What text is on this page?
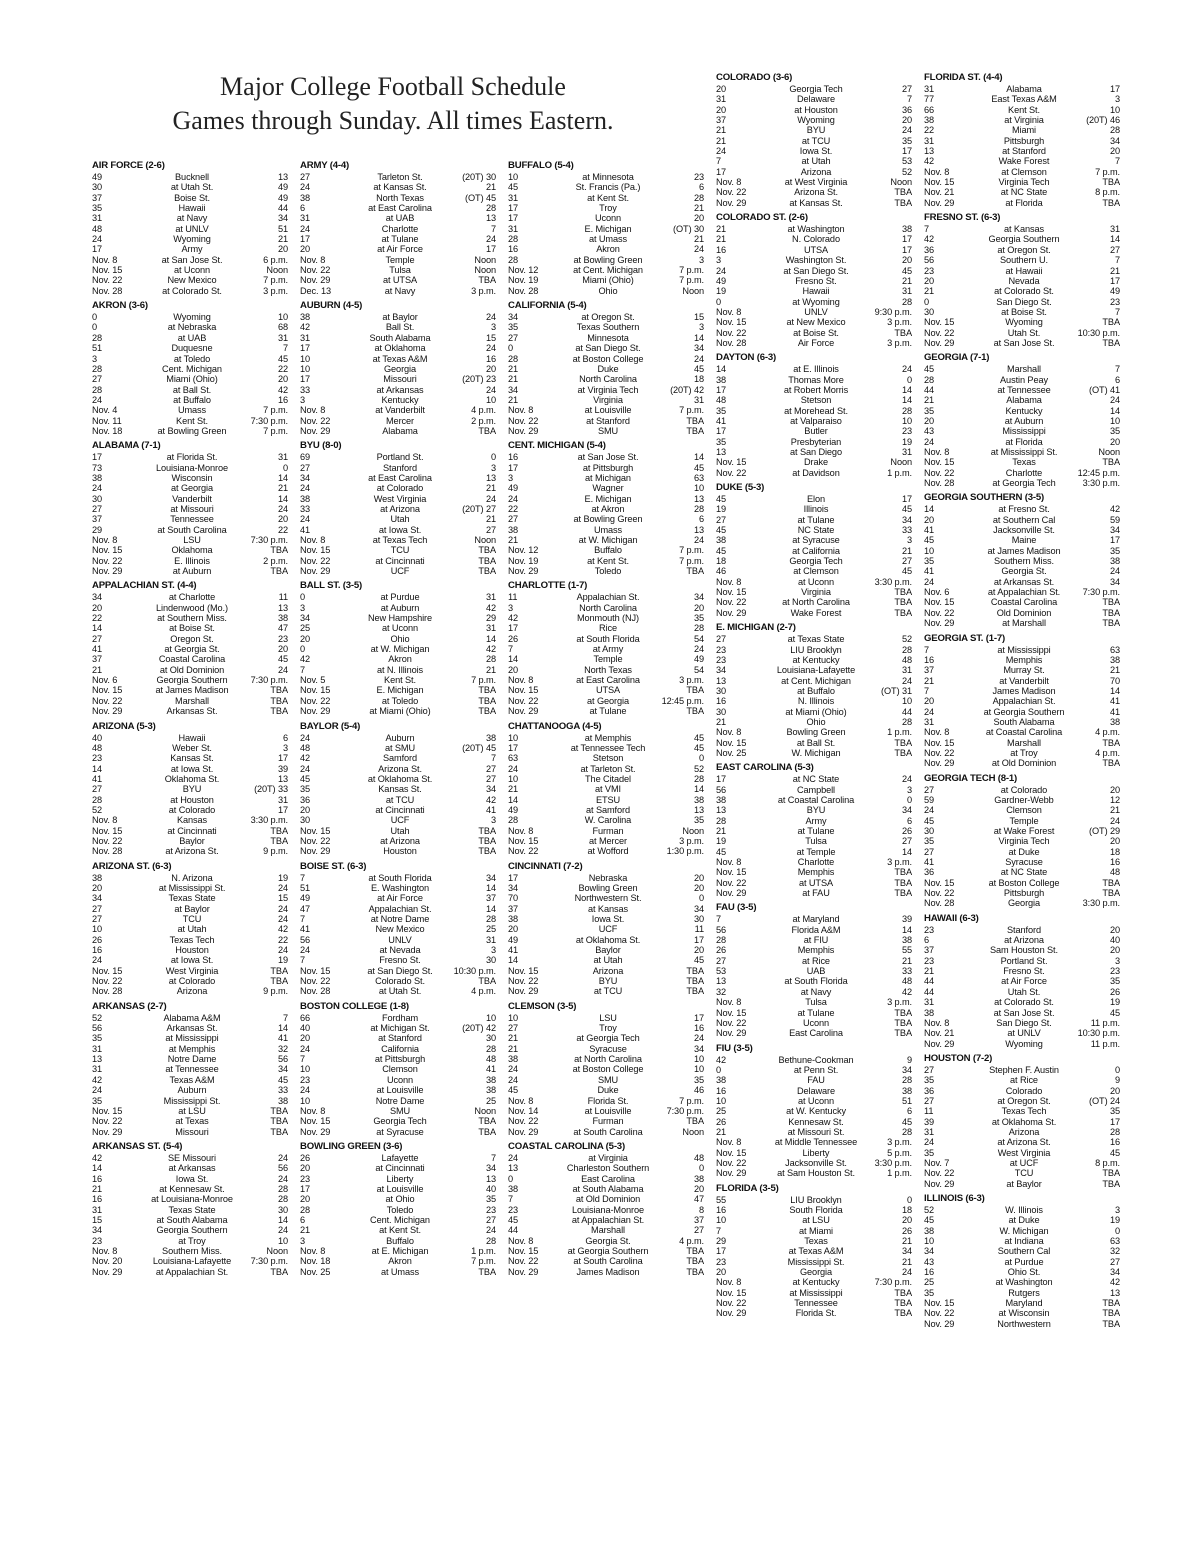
Major College Football Schedule
Games through Sunday. All times Eastern.
AIR FORCE (2-6)
49	Bucknell	13
30	at Utah St.	49
37	Boise St.	49
35	Hawaii	44
31	at Navy	34
48	at UNLV	51
24	Wyoming	21
17	Army	20
Nov. 8	at San Jose St.	6 p.m.
Nov. 15	at Uconn	Noon
Nov. 22	New Mexico	7 p.m.
Nov. 28	at Colorado St.	3 p.m.
AKRON (3-6)
0	Wyoming	10
0	at Nebraska	68
28	at UAB	31
51	Duquesne	7
3	at Toledo	45
28	Cent. Michigan	22
27	Miami (Ohio)	20
28	at Ball St.	42
24	at Buffalo	16
Nov. 4	Umass	7 p.m.
Nov. 11	Kent St.	7:30 p.m.
Nov. 18	at Bowling Green	7 p.m.
ALABAMA (7-1)
17	at Florida St.	31
73	Louisiana-Monroe	0
38	Wisconsin	14
24	at Georgia	21
30	Vanderbilt	14
27	at Missouri	24
37	Tennessee	20
29	at South Carolina	22
Nov. 8	LSU	7:30 p.m.
Nov. 15	Oklahoma	TBA
Nov. 22	E. Illinois	2 p.m.
Nov. 29	at Auburn	TBA
APPALACHIAN ST. (4-4)
34	at Charlotte	11
20	Lindenwood (Mo.)	13
22	at Southern Miss.	38
14	at Boise St.	47
27	Oregon St.	23
41	at Georgia St.	20
37	Coastal Carolina	45
21	at Old Dominion	24
Nov. 6	Georgia Southern	7:30 p.m.
Nov. 15	at James Madison	TBA
Nov. 22	Marshall	TBA
Nov. 29	Arkansas St.	TBA
ARIZONA (5-3)
40	Hawaii	6
48	Weber St.	3
23	Kansas St.	17
14	at Iowa St.	39
41	Oklahoma St.	13
27	BYU	(20T) 33
28	at Houston	31
52	at Colorado	17
Nov. 8	Kansas	3:30 p.m.
Nov. 15	at Cincinnati	TBA
Nov. 22	Baylor	TBA
Nov. 28	at Arizona St.	9 p.m.
ARIZONA ST. (6-3)
38	N. Arizona	19
20	at Mississippi St.	24
34	Texas State	15
27	at Baylor	24
27	TCU	24
10	at Utah	42
26	Texas Tech	22
16	Houston	24
24	at Iowa St.	19
Nov. 15	West Virginia	TBA
Nov. 22	at Colorado	TBA
Nov. 28	Arizona	9 p.m.
ARKANSAS (2-7)
52	Alabama A&M	7
56	Arkansas St.	14
35	at Mississippi	41
31	at Memphis	32
13	Notre Dame	56
31	at Tennessee	34
42	Texas A&M	45
24	Auburn	33
35	Mississippi St.	38
Nov. 15	at LSU	TBA
Nov. 22	at Texas	TBA
Nov. 29	Missouri	TBA
ARKANSAS ST. (5-4)
42	SE Missouri	24
14	at Arkansas	56
16	Iowa St.	24
21	at Kennesaw St.	28
16	at Louisiana-Monroe	28
31	Texas State	30
15	at South Alabama	14
34	Georgia Southern	24
23	at Troy	10
Nov. 8	Southern Miss.	Noon
Nov. 20	Louisiana-Lafayette	7:30 p.m.
Nov. 29	at Appalachian St.	TBA
ARMY (4-4)
27	Tarleton St.	(20T) 30
24	at Kansas St.	21
38	North Texas	(OT) 45
6	at East Carolina	28
31	at UAB	13
24	Charlotte	7
17	at Tulane	24
20	at Air Force	17
Nov. 8	Temple	Noon
Nov. 22	Tulsa	Noon
Nov. 29	at UTSA	TBA
Dec. 13	at Navy	3 p.m.
AUBURN (4-5)
38	at Baylor	24
42	Ball St.	3
31	South Alabama	15
17	at Oklahoma	24
10	at Texas A&M	16
10	Georgia	20
17	Missouri	(20T) 23
33	at Arkansas	24
3	Kentucky	10
Nov. 8	at Vanderbilt	4 p.m.
Nov. 22	Mercer	2 p.m.
Nov. 29	Alabama	TBA
BYU (8-0)
69	Portland St.	0
27	Stanford	3
34	at East Carolina	13
24	at Colorado	21
38	West Virginia	24
33	at Arizona	(20T) 27
24	Utah	21
41	at Iowa St.	27
Nov. 8	at Texas Tech	Noon
Nov. 15	TCU	TBA
Nov. 22	at Cincinnati	TBA
Nov. 29	UCF	TBA
BALL ST. (3-5)
0	at Purdue	31
3	at Auburn	42
34	New Hampshire	29
25	at Uconn	31
20	Ohio	14
0	at W. Michigan	42
42	Akron	28
7	at N. Illinois	21
Nov. 5	Kent St.	7 p.m.
Nov. 15	E. Michigan	TBA
Nov. 22	at Toledo	TBA
Nov. 29	at Miami (Ohio)	TBA
BAYLOR (5-4)
24	Auburn	38
48	at SMU	(20T) 45
42	Samford	7
24	Arizona St.	27
45	at Oklahoma St.	27
35	Kansas St.	34
36	at TCU	42
20	at Cincinnati	41
30	UCF	3
Nov. 15	Utah	TBA
Nov. 22	at Arizona	TBA
Nov. 29	Houston	TBA
BOISE ST. (6-3)
7	at South Florida	34
51	E. Washington	14
49	at Air Force	37
47	Appalachian St.	14
7	at Notre Dame	28
41	New Mexico	25
56	UNLV	31
24	at Nevada	3
7	Fresno St.	30
Nov. 15	at San Diego St.	10:30 p.m.
Nov. 22	Colorado St.	TBA
Nov. 28	at Utah St.	4 p.m.
BOSTON COLLEGE (1-8)
66	Fordham	10
40	at Michigan St.	(20T) 42
20	at Stanford	30
24	California	28
7	at Pittsburgh	48
10	Clemson	41
23	Uconn	38
24	at Louisville	38
10	Notre Dame	25
Nov. 8	SMU	Noon
Nov. 15	Georgia Tech	TBA
Nov. 29	at Syracuse	TBA
BOWLING GREEN (3-6)
26	Lafayette	7
20	at Cincinnati	34
23	Liberty	13
17	at Louisville	40
20	at Ohio	35
28	Toledo	23
6	Cent. Michigan	27
21	at Kent St.	24
3	Buffalo	28
Nov. 8	at E. Michigan	1 p.m.
Nov. 18	Akron	7 p.m.
Nov. 25	at Umass	TBA
BUFFALO (5-4)
10	at Minnesota	23
45	St. Francis (Pa.)	6
31	at Kent St.	28
17	Troy	21
17	Uconn	20
31	E. Michigan	(OT) 30
28	at Umass	21
16	Akron	24
28	at Bowling Green	3
Nov. 12	at Cent. Michigan	7 p.m.
Nov. 19	Miami (Ohio)	7 p.m.
Nov. 28	Ohio	Noon
CALIFORNIA (5-4)
34	at Oregon St.	15
35	Texas Southern	3
27	Minnesota	14
0	at San Diego St.	34
28	at Boston College	24
21	Duke	45
21	North Carolina	18
34	at Virginia Tech	(20T) 42
21	Virginia	31
Nov. 8	at Louisville	7 p.m.
Nov. 22	at Stanford	TBA
Nov. 29	SMU	TBA
CENT. MICHIGAN (5-4)
16	at San Jose St.	14
17	at Pittsburgh	45
3	at Michigan	63
49	Wagner	10
24	E. Michigan	13
22	at Akron	28
27	at Bowling Green	6
38	Umass	13
21	at W. Michigan	24
Nov. 12	Buffalo	7 p.m.
Nov. 19	at Kent St.	7 p.m.
Nov. 29	Toledo	TBA
CHARLOTTE (1-7)
11	Appalachian St.	34
3	North Carolina	20
42	Monmouth (NJ)	35
17	Rice	28
26	at South Florida	54
7	at Army	24
14	Temple	49
20	North Texas	54
Nov. 8	at East Carolina	3 p.m.
Nov. 15	UTSA	TBA
Nov. 22	at Georgia	12:45 p.m.
Nov. 29	at Tulane	TBA
CHATTANOOGA (4-5)
10	at Memphis	45
17	at Tennessee Tech	45
63	Stetson	0
24	at Tarleton St.	52
10	The Citadel	28
21	at VMI	14
14	ETSU	38
49	at Samford	13
28	W. Carolina	35
Nov. 8	Furman	Noon
Nov. 15	at Mercer	3 p.m.
Nov. 22	at Wofford	1:30 p.m.
CINCINNATI (7-2)
17	Nebraska	20
34	Bowling Green	20
70	Northwestern St.	0
37	at Kansas	34
38	Iowa St.	30
20	UCF	11
49	at Oklahoma St.	17
41	Baylor	20
14	at Utah	45
Nov. 15	Arizona	TBA
Nov. 22	BYU	TBA
Nov. 29	at TCU	TBA
CLEMSON (3-5)
10	LSU	17
27	Troy	16
21	at Georgia Tech	24
21	Syracuse	34
38	at North Carolina	10
24	at Boston College	10
24	SMU	35
45	Duke	46
Nov. 8	Florida St.	7 p.m.
Nov. 14	at Louisville	7:30 p.m.
Nov. 22	Furman	TBA
Nov. 29	at South Carolina	Noon
COASTAL CAROLINA (5-3)
24	at Virginia	48
13	Charleston Southern	0
0	East Carolina	38
38	at South Alabama	20
7	at Old Dominion	47
23	Louisiana-Monroe	8
45	at Appalachian St.	37
44	Marshall	27
Nov. 8	Georgia St.	4 p.m.
Nov. 15	at Georgia Southern	TBA
Nov. 22	at South Carolina	TBA
Nov. 29	James Madison	TBA
COLORADO (3-6)
20	Georgia Tech	27
31	Delaware	7
20	at Houston	36
37	Wyoming	20
21	BYU	24
21	at TCU	35
24	Iowa St.	17
7	at Utah	53
17	Arizona	52
Nov. 8	at West Virginia	Noon
Nov. 22	Arizona St.	TBA
Nov. 29	at Kansas St.	TBA
COLORADO ST. (2-6)
21	at Washington	38
21	N. Colorado	17
16	UTSA	17
3	Washington St.	20
24	at San Diego St.	45
49	Fresno St.	21
19	Hawaii	31
0	at Wyoming	28
Nov. 8	UNLV	9:30 p.m.
Nov. 15	at New Mexico	3 p.m.
Nov. 22	at Boise St.	TBA
Nov. 28	Air Force	3 p.m.
DAYTON (6-3)
14	at E. Illinois	24
38	Thomas More	0
17	at Robert Morris	14
48	Stetson	14
35	at Morehead St.	28
41	at Valparaiso	10
17	Butler	23
35	Presbyterian	19
13	at San Diego	31
Nov. 15	Drake	Noon
Nov. 22	at Davidson	1 p.m.
DUKE (5-3)
45	Elon	17
19	Illinois	45
27	at Tulane	34
45	NC State	33
38	at Syracuse	3
45	at California	21
18	Georgia Tech	27
46	at Clemson	45
Nov. 8	at Uconn	3:30 p.m.
Nov. 15	Virginia	TBA
Nov. 22	at North Carolina	TBA
Nov. 29	Wake Forest	TBA
E. MICHIGAN (2-7)
27	at Texas State	52
23	LIU Brooklyn	28
23	at Kentucky	48
34	Louisiana-Lafayette	31
13	at Cent. Michigan	24
30	at Buffalo	(OT) 31
16	N. Illinois	10
30	at Miami (Ohio)	44
21	Ohio	28
Nov. 8	Bowling Green	1 p.m.
Nov. 15	at Ball St.	TBA
Nov. 25	W. Michigan	TBA
EAST CAROLINA (5-3)
17	at NC State	24
56	Campbell	3
38	at Coastal Carolina	0
13	BYU	34
28	Army	6
21	at Tulane	26
19	Tulsa	27
45	at Temple	14
Nov. 8	Charlotte	3 p.m.
Nov. 15	Memphis	TBA
Nov. 22	at UTSA	TBA
Nov. 29	at FAU	TBA
FAU (3-5)
7	at Maryland	39
56	Florida A&M	14
28	at FIU	38
26	Memphis	55
27	at Rice	21
53	UAB	33
13	at South Florida	48
32	at Navy	42
Nov. 8	Tulsa	3 p.m.
Nov. 15	at Tulane	TBA
Nov. 22	Uconn	TBA
Nov. 29	East Carolina	TBA
FIU (3-5)
42	Bethune-Cookman	9
0	at Penn St.	34
38	FAU	28
16	Delaware	38
10	at Uconn	51
25	at W. Kentucky	6
26	Kennesaw St.	45
21	at Missouri St.	28
Nov. 8	at Middle Tennessee	3 p.m.
Nov. 15	Liberty	5 p.m.
Nov. 22	Jacksonville St.	3:30 p.m.
Nov. 29	at Sam Houston St.	1 p.m.
FLORIDA (3-5)
55	LIU Brooklyn	0
16	South Florida	18
10	at LSU	20
7	at Miami	26
29	Texas	21
17	at Texas A&M	34
23	Mississippi St.	21
20	Georgia	24
Nov. 8	at Kentucky	7:30 p.m.
Nov. 15	at Mississippi	TBA
Nov. 22	Tennessee	TBA
Nov. 29	Florida St.	TBA
FLORIDA ST. (4-4)
31	Alabama	17
77	East Texas A&M	3
66	Kent St.	10
38	at Virginia	(20T) 46
22	Miami	28
31	Pittsburgh	34
13	at Stanford	20
42	Wake Forest	7
Nov. 8	at Clemson	7 p.m.
Nov. 15	Virginia Tech	TBA
Nov. 21	at NC State	8 p.m.
Nov. 29	at Florida	TBA
FRESNO ST. (6-3)
7	at Kansas	31
42	Georgia Southern	14
36	at Oregon St.	27
56	Southern U.	7
23	at Hawaii	21
20	Nevada	17
21	at Colorado St.	49
0	San Diego St.	23
30	at Boise St.	7
Nov. 15	Wyoming	TBA
Nov. 22	Utah St.	10:30 p.m.
Nov. 29	at San Jose St.	TBA
GEORGIA (7-1)
45	Marshall	7
28	Austin Peay	6
44	at Tennessee	(OT) 41
21	Alabama	24
35	Kentucky	14
20	at Auburn	10
43	Mississippi	35
24	at Florida	20
Nov. 8	at Mississippi St.	Noon
Nov. 15	Texas	TBA
Nov. 22	Charlotte	12:45 p.m.
Nov. 28	at Georgia Tech	3:30 p.m.
GEORGIA SOUTHERN (3-5)
14	at Fresno St.	42
20	at Southern Cal	59
41	Jacksonville St.	34
45	Maine	17
10	at James Madison	35
35	Southern Miss.	38
41	Georgia St.	24
24	at Arkansas St.	34
Nov. 6	at Appalachian St.	7:30 p.m.
Nov. 15	Coastal Carolina	TBA
Nov. 22	Old Dominion	TBA
Nov. 29	at Marshall	TBA
GEORGIA ST. (1-7)
7	at Mississippi	63
16	Memphis	38
37	Murray St.	21
21	at Vanderbilt	70
7	James Madison	14
20	Appalachian St.	41
24	at Georgia Southern	41
31	South Alabama	38
Nov. 8	at Coastal Carolina	4 p.m.
Nov. 15	Marshall	TBA
Nov. 22	at Troy	4 p.m.
Nov. 29	at Old Dominion	TBA
GEORGIA TECH (8-1)
27	at Colorado	20
59	Gardner-Webb	12
24	Clemson	21
45	Temple	24
30	at Wake Forest	(OT) 29
35	Virginia Tech	20
27	at Duke	18
41	Syracuse	16
36	at NC State	48
Nov. 15	at Boston College	TBA
Nov. 22	Pittsburgh	TBA
Nov. 28	Georgia	3:30 p.m.
HAWAII (6-3)
23	Stanford	20
6	at Arizona	40
37	Sam Houston St.	20
23	Portland St.	3
21	Fresno St.	23
44	at Air Force	35
44	Utah St.	26
31	at Colorado St.	19
38	at San Jose St.	45
Nov. 8	San Diego St.	11 p.m.
Nov. 21	at UNLV	10:30 p.m.
Nov. 29	Wyoming	11 p.m.
HOUSTON (7-2)
27	Stephen F. Austin	0
35	at Rice	9
36	Colorado	20
27	at Oregon St.	(OT) 24
11	Texas Tech	35
39	at Oklahoma St.	17
31	Arizona	28
24	at Arizona St.	16
35	West Virginia	45
Nov. 7	at UCF	8 p.m.
Nov. 22	TCU	TBA
Nov. 29	at Baylor	TBA
ILLINOIS (6-3)
52	W. Illinois	3
45	at Duke	19
38	W. Michigan	0
10	at Indiana	63
34	Southern Cal	32
43	at Purdue	27
16	Ohio St.	34
25	at Washington	42
35	Rutgers	13
Nov. 15	Maryland	TBA
Nov. 22	at Wisconsin	TBA
Nov. 29	Northwestern	TBA
